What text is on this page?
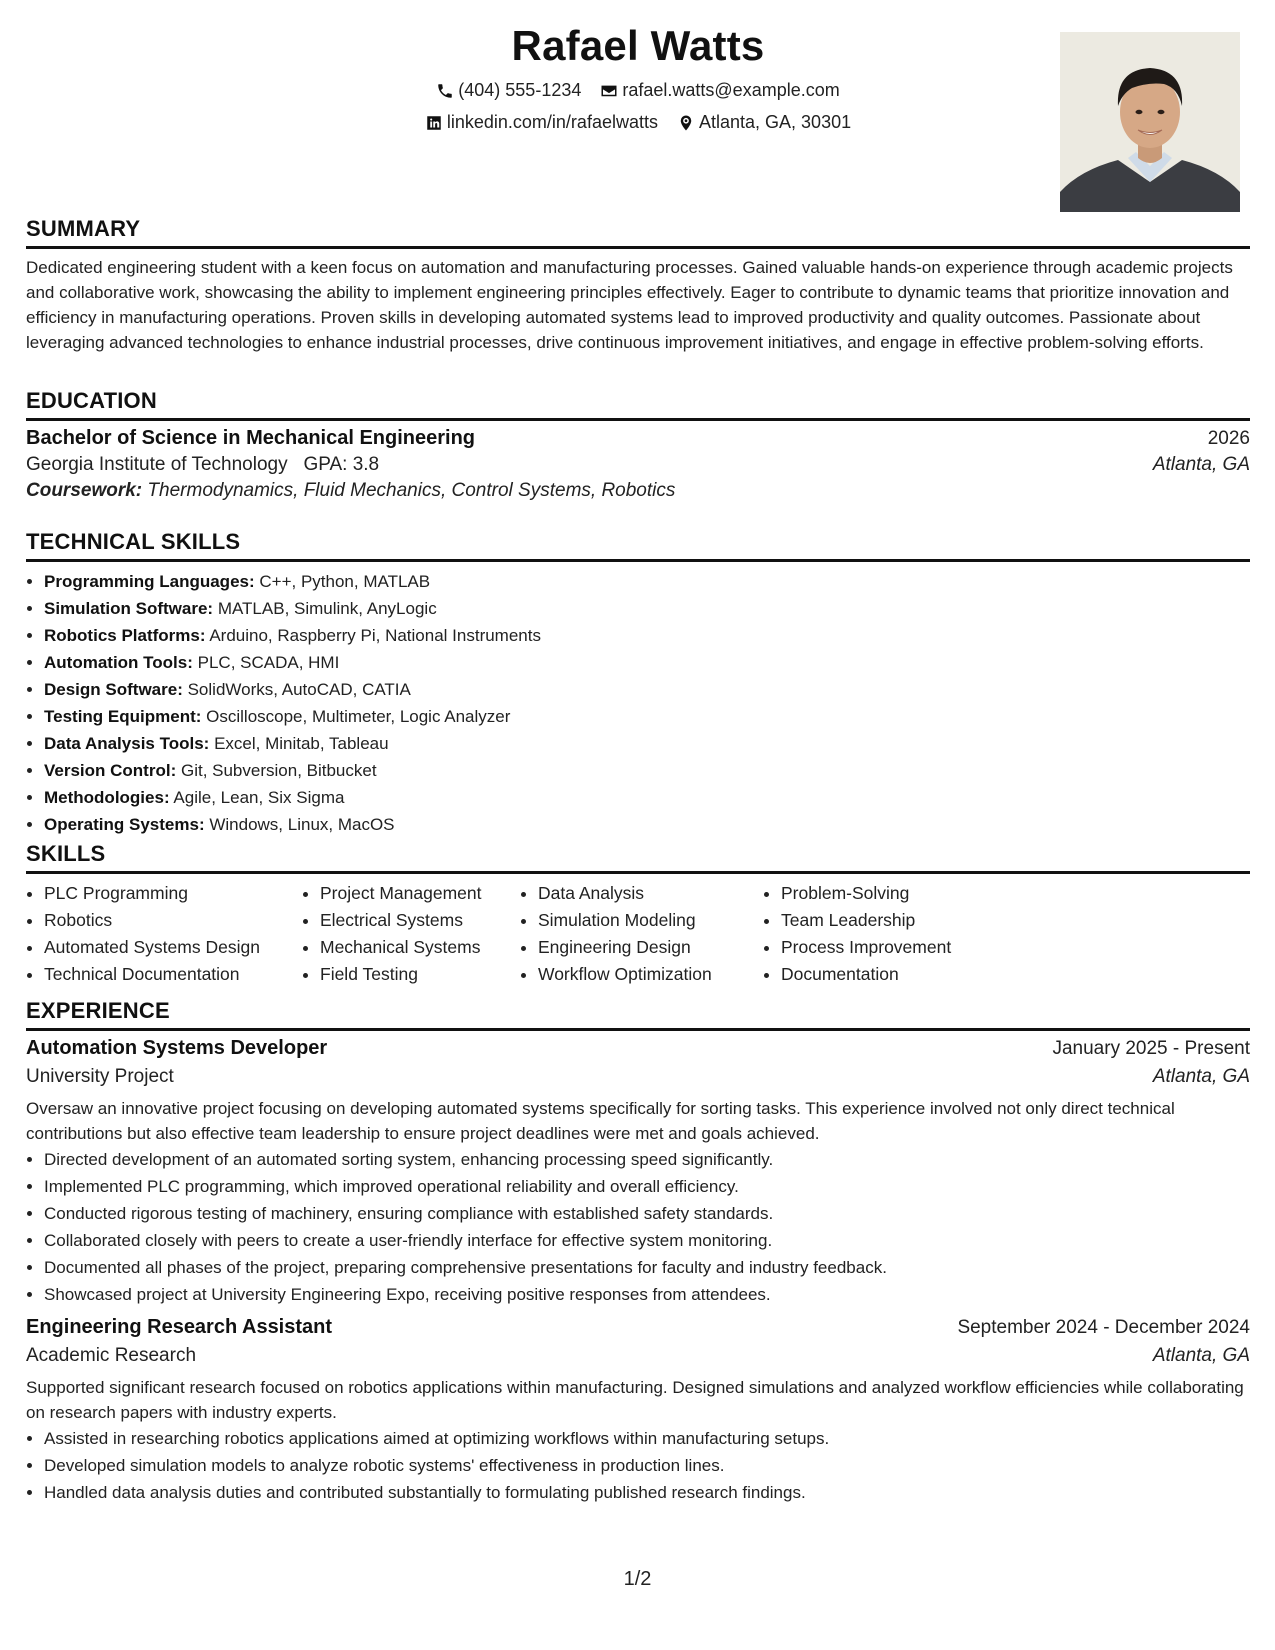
Rafael Watts
(404) 555-1234
rafael.watts@example.com
linkedin.com/in/rafaelwatts
Atlanta, GA, 30301
SUMMARY

Dedicated engineering student with a keen focus on automation and manufacturing processes. Gained valuable hands-on experience through academic projects and collaborative work, showcasing the ability to implement engineering principles effectively. Eager to contribute to dynamic teams that prioritize innovation and efficiency in manufacturing operations. Proven skills in developing automated systems lead to improved productivity and quality outcomes. Passionate about leveraging advanced technologies to enhance industrial processes, drive continuous improvement initiatives, and engage in effective problem-solving efforts.

EDUCATION
Bachelor of Science in Mechanical Engineering	2026
Georgia Institute of Technology GPA: 3.8	Atlanta, GA
Coursework: Thermodynamics, Fluid Mechanics, Control Systems, Robotics
TECHNICAL SKILLS
• Programming Languages: C++, Python, MATLAB
• Simulation Software: MATLAB, Simulink, AnyLogic
• Robotics Platforms: Arduino, Raspberry Pi, National Instruments
• Automation Tools: PLC, SCADA, HMI
• Design Software: SolidWorks, AutoCAD, CATIA
• Testing Equipment: Oscilloscope, Multimeter, Logic Analyzer
• Data Analysis Tools: Excel, Minitab, Tableau
• Version Control: Git, Subversion, Bitbucket
• Methodologies: Agile, Lean, Six Sigma
• Operating Systems: Windows, Linux, MacOS
SKILLS
• PLC Programming
• Robotics
• Automated Systems Design
• Technical Documentation
• Project Management
• Electrical Systems
• Mechanical Systems
• Field Testing
• Data Analysis
• Simulation Modeling
• Engineering Design
• Workflow Optimization
• Problem-Solving
• Team Leadership
• Process Improvement
• Documentation
EXPERIENCE
Automation Systems Developer	January 2025 - Present
University Project	Atlanta, GA

Oversaw an innovative project focusing on developing automated systems specifically for sorting tasks. This experience involved not only direct technical contributions but also effective team leadership to ensure project deadlines were met and goals achieved.

• Directed development of an automated sorting system, enhancing processing speed significantly.
• Implemented PLC programming, which improved operational reliability and overall efficiency.
• Conducted rigorous testing of machinery, ensuring compliance with established safety standards.
• Collaborated closely with peers to create a user-friendly interface for effective system monitoring.
• Documented all phases of the project, preparing comprehensive presentations for faculty and industry feedback.
• Showcased project at University Engineering Expo, receiving positive responses from attendees.
Engineering Research Assistant	September 2024 - December 2024
Academic Research	Atlanta, GA

Supported significant research focused on robotics applications within manufacturing. Designed simulations and analyzed workflow efficiencies while collaborating on research papers with industry experts.

• Assisted in researching robotics applications aimed at optimizing workflows within manufacturing setups.
• Developed simulation models to analyze robotic systems' effectiveness in production lines.
• Handled data analysis duties and contributed substantially to formulating published research findings.
1/2
